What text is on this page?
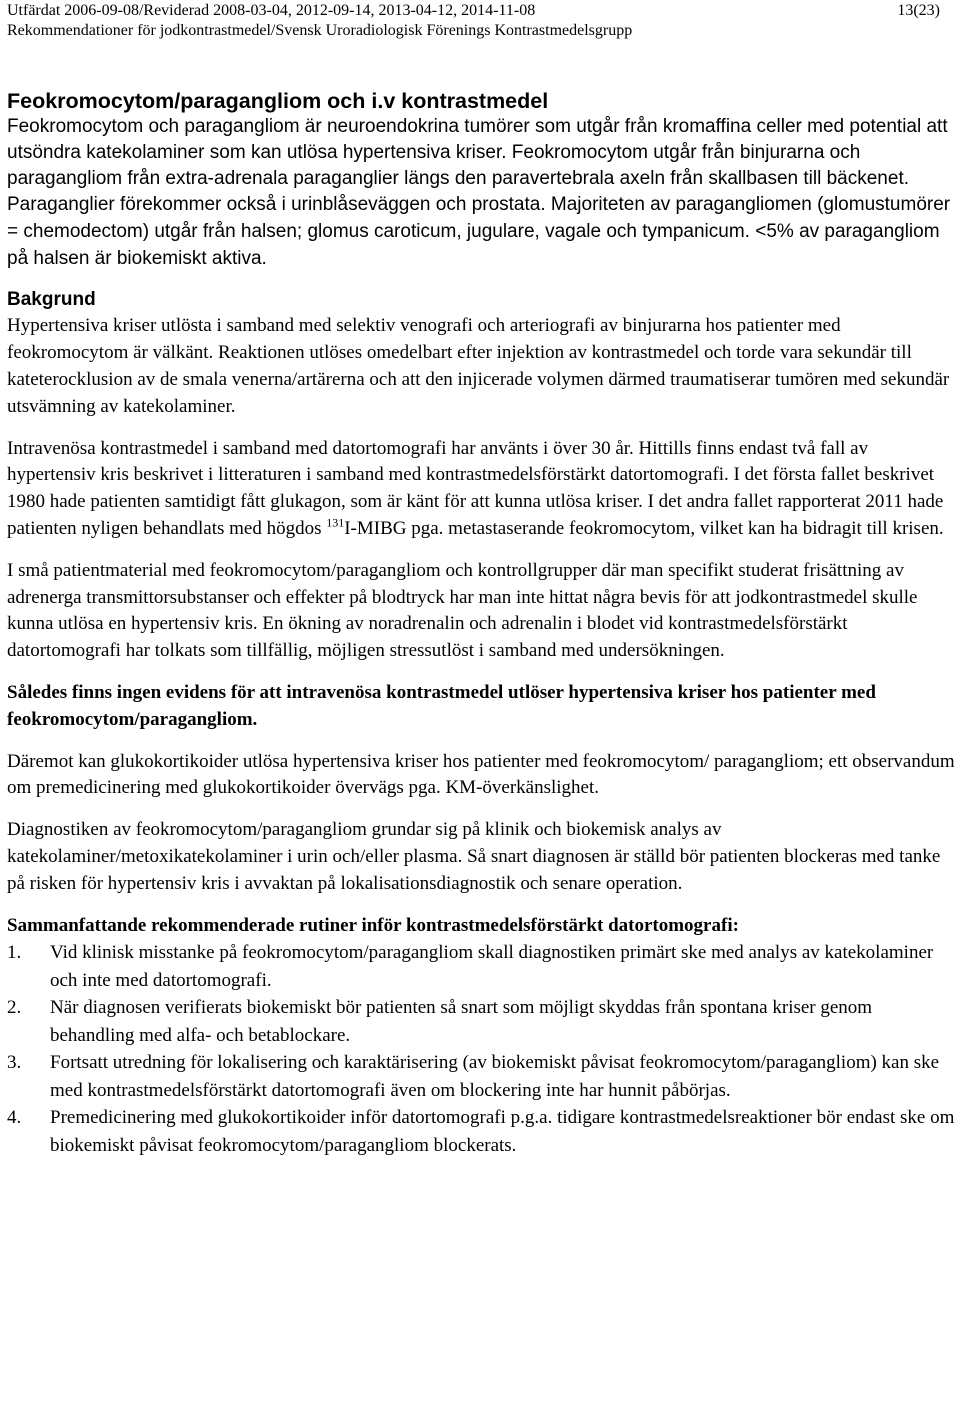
Utfärdat 2006-09-08/Reviderad 2008-03-04, 2012-09-14, 2013-04-12, 2014-11-08
Rekommendationer för jodkontrastmedel/Svensk Uroradiologisk Förenings Kontrastmedelsgrupp
13(23)
Feokromocytom/paragangliom och i.v kontrastmedel

Feokromocytom och paragangliom är neuroendokrina tumörer som utgår från kromaffina celler med potential att utsöndra katekolaminer som kan utlösa hypertensiva kriser. Feokromocytom utgår från binjurarna och paragangliom från extra-adrenala paraganglier längs den paravertebrala axeln från skallbasen till bäckenet. Paraganglier förekommer också i urinblåseväggen och prostata. Majoriteten av paragangliomen (glomustumörer = chemodectom) utgår från halsen; glomus caroticum, jugulare, vagale och tympanicum. <5% av paragangliom på halsen är biokemiskt aktiva.

Bakgrund

Hypertensiva kriser utlösta i samband med selektiv venografi och arteriografi av binjurarna hos patienter med feokromocytom är välkänt. Reaktionen utlöses omedelbart efter injektion av kontrastmedel och torde vara sekundär till kateterocklusion av de smala venerna/artärerna och att den injicerade volymen därmed traumatiserar tumören med sekundär utsvämning av katekolaminer.

Intravenösa kontrastmedel i samband med datortomografi har använts i över 30 år. Hittills finns endast två fall av hypertensiv kris beskrivet i litteraturen i samband med kontrastmedelsförstärkt datortomografi. I det första fallet beskrivet 1980 hade patienten samtidigt fått glukagon, som är känt för att kunna utlösa kriser. I det andra fallet rapporterat 2011 hade patienten nyligen behandlats med högdos $^{131}$I-MIBG pga. metastaserande feokromocytom, vilket kan ha bidragit till krisen.

I små patientmaterial med feokromocytom/paragangliom och kontrollgrupper där man specifikt studerat frisättning av adrenerga transmittorsubstanser och effekter på blodtryck har man inte hittat några bevis för att jodkontrastmedel skulle kunna utlösa en hypertensiv kris. En ökning av noradrenalin och adrenalin i blodet vid kontrastmedelsförstärkt datortomografi har tolkats som tillfällig, möjligen stressutlöst i samband med undersökningen.

Således finns ingen evidens för att intravenösa kontrastmedel utlöser hypertensiva kriser hos patienter med feokromocytom/paragangliom.

Däremot kan glukokortikoider utlösa hypertensiva kriser hos patienter med feokromocytom/ paragangliom; ett observandum om premedicinering med glukokortikoider övervägs pga. KM-överkänslighet.

Diagnostiken av feokromocytom/paragangliom grundar sig på klinik och biokemisk analys av katekolaminer/metoxikatekolaminer i urin och/eller plasma. Så snart diagnosen är ställd bör patienten blockeras med tanke på risken för hypertensiv kris i avvaktan på lokalisationsdiagnostik och senare operation.

Sammanfattande rekommenderade rutiner inför kontrastmedelsförstärkt datortomografi:
1. Vid klinisk misstanke på feokromocytom/paragangliom skall diagnostiken primärt ske med analys av katekolaminer och inte med datortomografi.
2. När diagnosen verifierats biokemiskt bör patienten så snart som möjligt skyddas från spontana kriser genom behandling med alfa- och betablockare.
3. Fortsatt utredning för lokalisering och karaktärisering (av biokemiskt påvisat feokromocytom/paragangliom) kan ske med kontrastmedelsförstärkt datortomografi även om blockering inte har hunnit påbörjas.
4. Premedicinering med glukokortikoider inför datortomografi p.g.a. tidigare kontrastmedelsreaktioner bör endast ske om biokemiskt påvisat feokromocytom/paragangliom blockerats.
